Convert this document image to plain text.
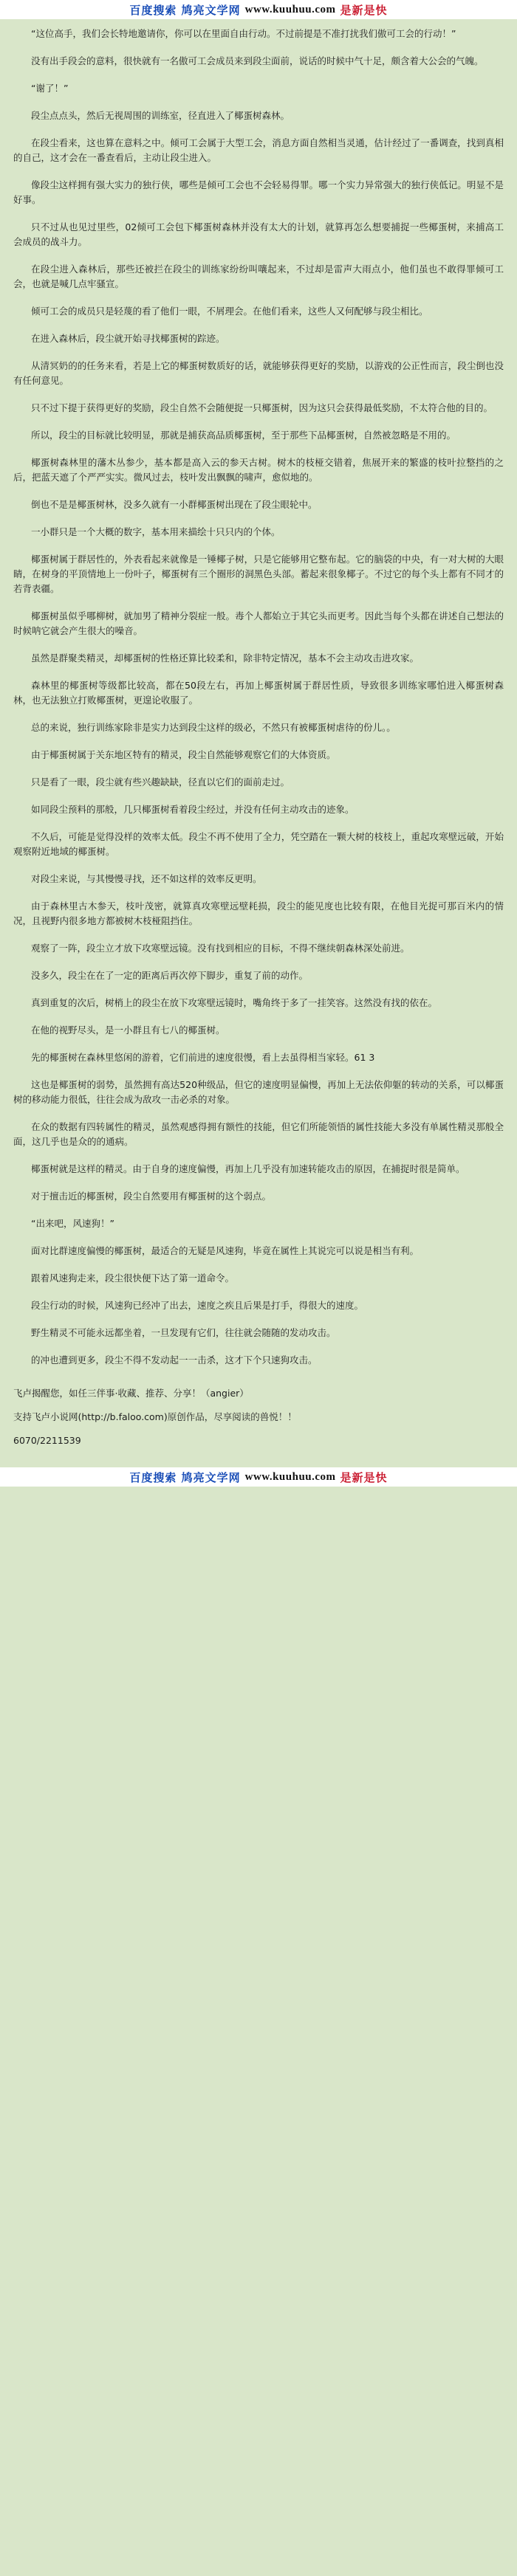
百度搜索 鸠亮文学网 www.kuuhuu.com 是新是快

“这位高手，我们会长特地邀请你，你可以在里面自由行动。不过前提是不准打扰我们傲可工会的行动！”

没有出手段会的意料，很快就有一名傲可工会成员来到段尘面前，说话的时候中气十足，颇含着大公会的气魄。

“谢了！”

段尘点点头，然后无视周围的训练室，径直进入了椰蛋树森林。

在段尘看来，这也算在意料之中。倾可工会属于大型工会，消息方面自然相当灵通，估计经过了一番调查，找到真相的自己，这才会在一番查看后，主动让段尘进入。

像段尘这样拥有强大实力的独行侠，哪些是倾可工会也不会轻易得罪。哪一个实力异常强大的独行侠低记。明显不是好事。

只不过从也见过里些，02倾可工会包下椰蛋树森林并没有太大的计划，就算再怎么想要捕捉一些椰蛋树，来捕高工会成员的战斗力。

在段尘进入森林后，那些还被拦在段尘的训练家纷纷叫嚷起来，不过却是雷声大雨点小，他们虽也不敢得罪倾可工会，也就是喊几点牢骚宣。

倾可工会的成员只是轻蔑的看了他们一眼，不屑理会。在他们看来，这些人又何配够与段尘相比。

在进入森林后，段尘就开始寻找椰蛋树的踪迹。

从清冥奶的的任务来看，若是上它的椰蛋树数质好的话，就能够获得更好的奖励，以游戏的公正性而言，段尘倒也没有任何意见。

只不过下提于获得更好的奖励，段尘自然不会随便捉一只椰蛋树，因为这只会获得最低奖励，不太符合他的目的。

所以，段尘的目标就比较明显，那就是捕获高品质椰蛋树，至于那些下品椰蛋树，自然被忽略是不用的。

椰蛋树森林里的藩木丛参少，基本都是高入云的参天古树。树木的枝桠交错着，焦展开来的繁盛的枝叶拉整挡的之后，把蓝天遮了个严严实实。微风过去，枝叶发出飘飘的啸声，愈似地的。

倒也不是是椰蛋树林，没多久就有一小群椰蛋树出现在了段尘眼轮中。

一小群只是一个大概的数字，基本用来描绘十只只内的个体。

椰蛋树属于群居性的，外表看起来就像是一锤椰子树，只是它能够用它整布起。它的脑袋的中央，有一对大树的大眼睛，在树身的平顶情地上一份叶子，椰蛋树有三个圈形的洞黑色头部。蓄起来很象椰子。不过它的每个头上都有不同才的若背表疆。

椰蛋树虽似乎哪柳树，就加男了精神分裂症一般。毒个人都始立于其它头而更考。因此当每个头都在讲述自己想法的时候呐它就会产生很大的噪音。

虽然是群聚类精灵，却椰蛋树的性格还算比较柔和，除非特定情况，基本不会主动攻击进攻家。

森林里的椰蛋树等级都比较高，都在50段左右，再加上椰蛋树属于群居性质，导致很多训练家哪怕进入椰蛋树森林，也无法独立打败椰蛋树，更遑论收服了。

总的来说，独行训练家除非是实力达到段尘这样的级必，不然只有被椰蛋树虐待的份儿。。

由于椰蛋树属于关东地区特有的精灵，段尘自然能够观察它们的大体资质。

只是看了一眼，段尘就有些兴趣缺缺，径直以它们的面前走过。

如同段尘预料的那般，几只椰蛋树看着段尘经过，并没有任何主动攻击的迹象。

不久后，可能是觉得没样的效率太低。段尘不再不使用了全力，凭空踏在一颗大树的枝枝上，重起攻寒壁远破，开始观察附近地域的椰蛋树。

对段尘来说，与其慢慢寻找，还不如这样的效率反更明。

由于森林里古木参天，枝叶茂密，就算真攻寒壁远壁耗损，段尘的能见度也比较有限，在他目光捉可那百米内的情况，且视野内很多地方都被树木枝桠阻挡住。

观察了一阵，段尘立才放下攻寒壁远镜。没有找到相应的目标，不得不继续朝森林深处前进。

没多久，段尘在在了一定的距离后再次停下脚步，重复了前的动作。

真到重复的次后，树梢上的段尘在放下攻寒壁远镜时，嘴角终于多了一挂笑容。这然没有找的依在。

在他的视野尽头，是一小群且有七八的椰蛋树。

先的椰蛋树在森林里悠闲的游着，它们前进的速度很慢，看上去虽得相当家轻。61 3

这也是椰蛋树的弱势，虽然拥有高达520种级品，但它的速度明显偏慢，再加上无法依仰躯的转动的关系，可以椰蛋树的移动能力很低，往往会成为敌攻一击必杀的对象。

在众的数据有四转属性的精灵，虽然观感得拥有额性的技能，但它们所能领悟的属性技能大多没有单属性精灵那般全面，这几乎也是众的的通病。

椰蛋树就是这样的精灵。由于自身的速度偏慢，再加上几乎没有加速转能攻击的原因，在捕捉时很是简单。

对于擅击近的椰蛋树，段尘自然要用有椰蛋树的这个弱点。

“出来吧，风速狗！”

面对比群速度偏慢的椰蛋树，最适合的无疑是风速狗，毕竟在属性上其说完可以说是相当有利。

跟着风速狗走来，段尘很快便下达了第一道命令。

段尘行动的时候，风速狗已经冲了出去，速度之疾且后果是打手，得很大的速度。

野生精灵不可能永远都坐着，一旦发现有它们，往往就会随随的发动攻击。

的冲也遭到更多，段尘不得不发动起一一击杀，这才下个只速狗攻击。

飞卢揭醒您，如任三伴事·收藏、推荐、分享！（angier）

支持飞卢小说网(http://b.faloo.com)原创作品，尽享阅读的兽悦！！

6070/2211539

百度搜索 鸠亮文学网 www.kuuhuu.com 是新是快
